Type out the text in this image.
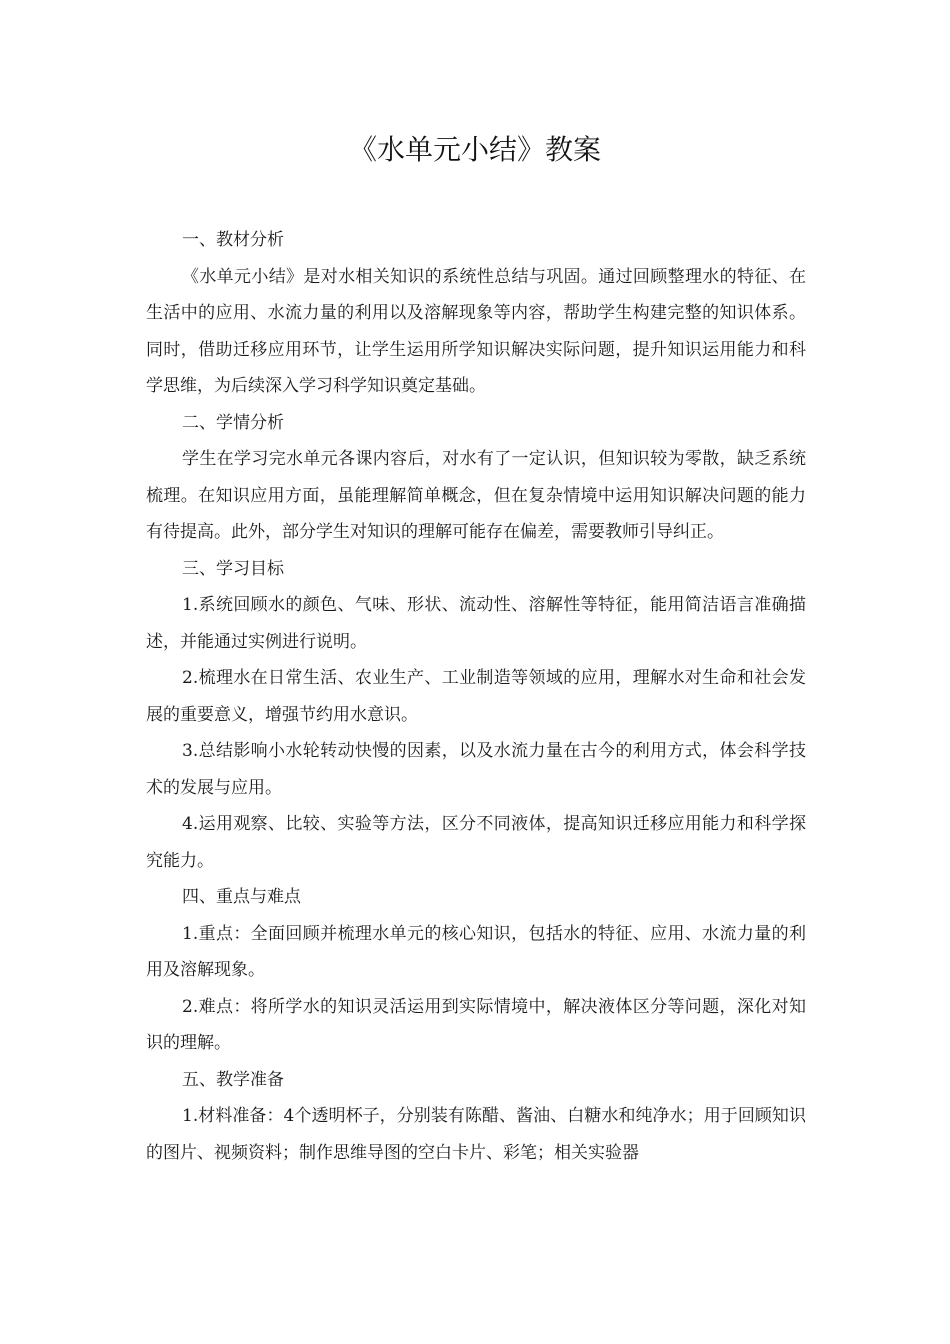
《水单元小结》教案

一、教材分析

《水单元小结》是对水相关知识的系统性总结与巩固。通过回顾整理水的特征、在生活中的应用、水流力量的利用以及溶解现象等内容，帮助学生构建完整的知识体系。同时，借助迁移应用环节，让学生运用所学知识解决实际问题，提升知识运用能力和科学思维，为后续深入学习科学知识奠定基础。

二、学情分析

学生在学习完水单元各课内容后，对水有了一定认识，但知识较为零散，缺乏系统梳理。在知识应用方面，虽能理解简单概念，但在复杂情境中运用知识解决问题的能力有待提高。此外，部分学生对知识的理解可能存在偏差，需要教师引导纠正。

三、学习目标

1.系统回顾水的颜色、气味、形状、流动性、溶解性等特征，能用简洁语言准确描述，并能通过实例进行说明。

2.梳理水在日常生活、农业生产、工业制造等领域的应用，理解水对生命和社会发展的重要意义，增强节约用水意识。

3.总结影响小水轮转动快慢的因素，以及水流力量在古今的利用方式，体会科学技术的发展与应用。

4.运用观察、比较、实验等方法，区分不同液体，提高知识迁移应用能力和科学探究能力。

四、重点与难点

1.重点：全面回顾并梳理水单元的核心知识，包括水的特征、应用、水流力量的利用及溶解现象。

2.难点：将所学水的知识灵活运用到实际情境中，解决液体区分等问题，深化对知识的理解。

五、教学准备

1.材料准备：4个透明杯子，分别装有陈醋、酱油、白糖水和纯净水；用于回顾知识的图片、视频资料；制作思维导图的空白卡片、彩笔；相关实验器
